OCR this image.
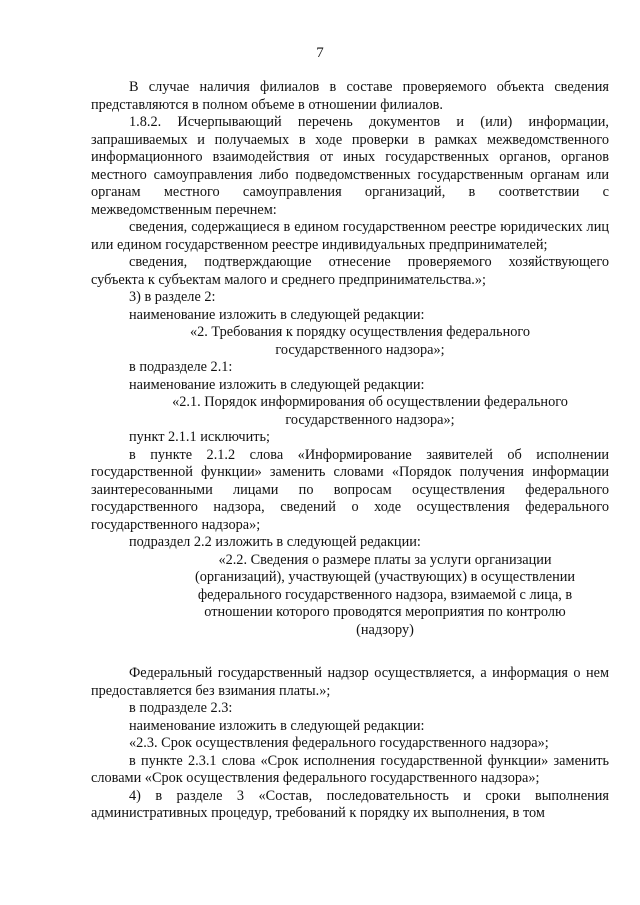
7

В случае наличия филиалов в составе проверяемого объекта сведения представляются в полном объеме в отношении филиалов.

1.8.2. Исчерпывающий перечень документов и (или) информации, запрашиваемых и получаемых в ходе проверки в рамках межведомственного информационного взаимодействия от иных государственных органов, органов местного самоуправления либо подведомственных государственным органам или органам местного самоуправления организаций, в соответствии с межведомственным перечнем:

сведения, содержащиеся в едином государственном реестре юридических лиц или едином государственном реестре индивидуальных предпринимателей;

сведения, подтверждающие отнесение проверяемого хозяйствующего субъекта к субъектам малого и среднего предпринимательства.»;

3) в разделе 2:

наименование изложить в следующей редакции:

«2. Требования к порядку осуществления федерального государственного надзора»;

в подразделе 2.1:

наименование изложить в следующей редакции:

«2.1. Порядок информирования об осуществлении федерального государственного надзора»;

пункт 2.1.1 исключить;

в пункте 2.1.2 слова «Информирование заявителей об исполнении государственной функции» заменить словами «Порядок получения информации заинтересованными лицами по вопросам осуществления федерального государственного надзора, сведений о ходе осуществления федерального государственного надзора»;

подраздел 2.2 изложить в следующей редакции:

«2.2. Сведения о размере платы за услуги организации (организаций), участвующей (участвующих) в осуществлении федерального государственного надзора, взимаемой с лица, в отношении которого проводятся мероприятия по контролю (надзору)

Федеральный государственный надзор осуществляется, а информация о нем предоставляется без взимания платы.»;

в подразделе 2.3:

наименование изложить в следующей редакции:

«2.3. Срок осуществления федерального государственного надзора»;

в пункте 2.3.1 слова «Срок исполнения государственной функции» заменить словами «Срок осуществления федерального государственного надзора»;

4) в разделе 3 «Состав, последовательность и сроки выполнения административных процедур, требований к порядку их выполнения, в том
